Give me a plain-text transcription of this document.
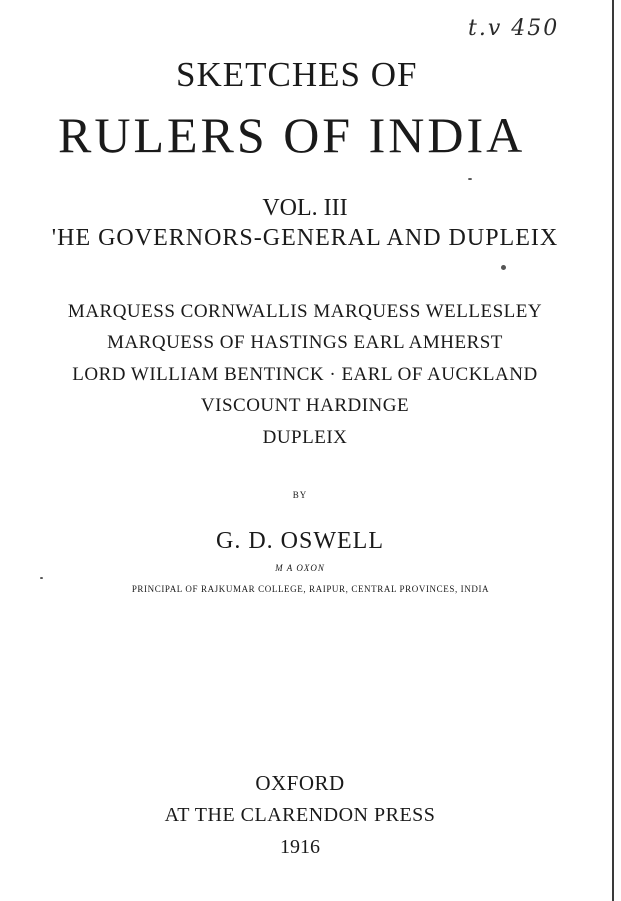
t.v 450
SKETCHES OF
RULERS OF INDIA
VOL. III
'HE GOVERNORS-GENERAL AND DUPLEIX
MARQUESS CORNWALLIS MARQUESS WELLESLEY
MARQUESS OF HASTINGS EARL AMHERST
LORD WILLIAM BENTINCK · EARL OF AUCKLAND
VISCOUNT HARDINGE
DUPLEIX
BY
G. D. OSWELL
M A OXON
PRINCIPAL OF RAJKUMAR COLLEGE, RAIPUR, CENTRAL PROVINCES, INDIA
OXFORD
AT THE CLARENDON PRESS
1916
